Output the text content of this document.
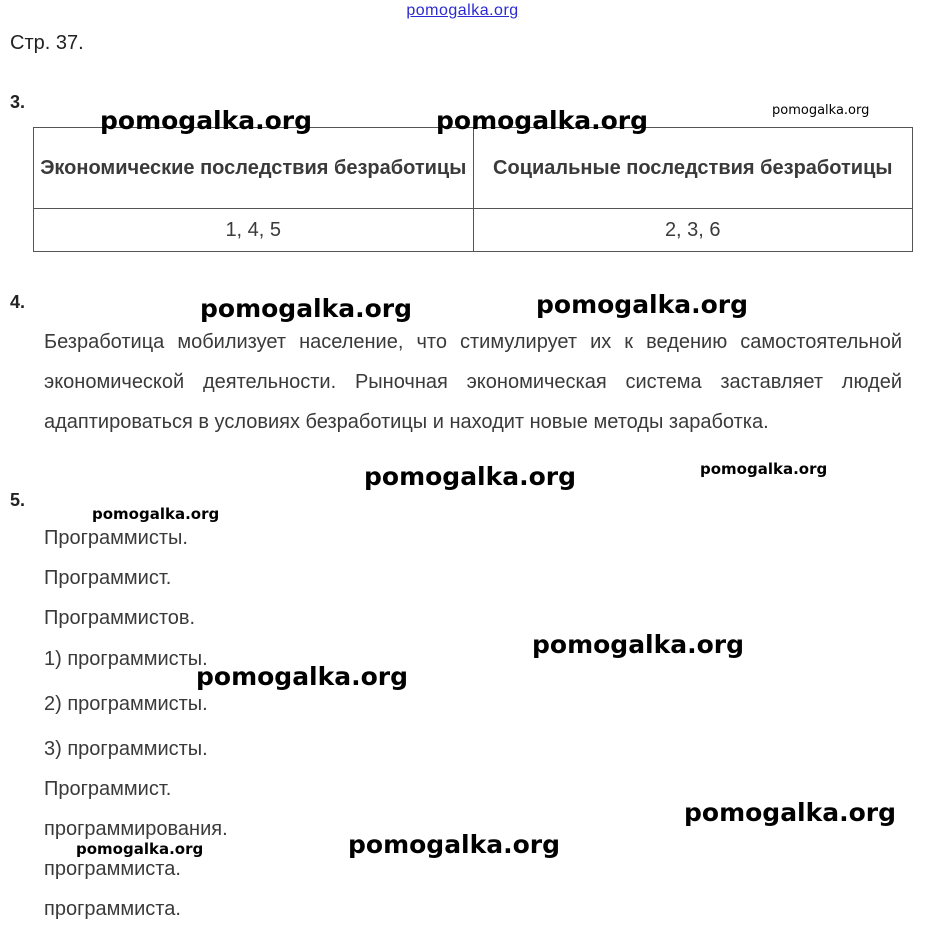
pomogalka.org
Стр. 37.
3.
Экономические последствия безработицы	Социальные последствия безработицы
1, 4, 5	2, 3, 6
4.
Безработица мобилизует население, что стимулирует их к ведению самостоятельной экономической деятельности. Рыночная экономическая система заставляет людей адаптироваться в условиях безработицы и находит новые методы заработка.
5.
Программисты.
Программист.
Программистов.
1) программисты.
2) программисты.
3) программисты.
Программист.
программирования.
программиста.
программиста.
pomogalka.org	pomogalka.org	pomogalka.org
pomogalka.org	pomogalka.org
pomogalka.org	pomogalka.org
pomogalka.org
pomogalka.org
pomogalka.org
pomogalka.org
pomogalka.org
pomogalka.org
